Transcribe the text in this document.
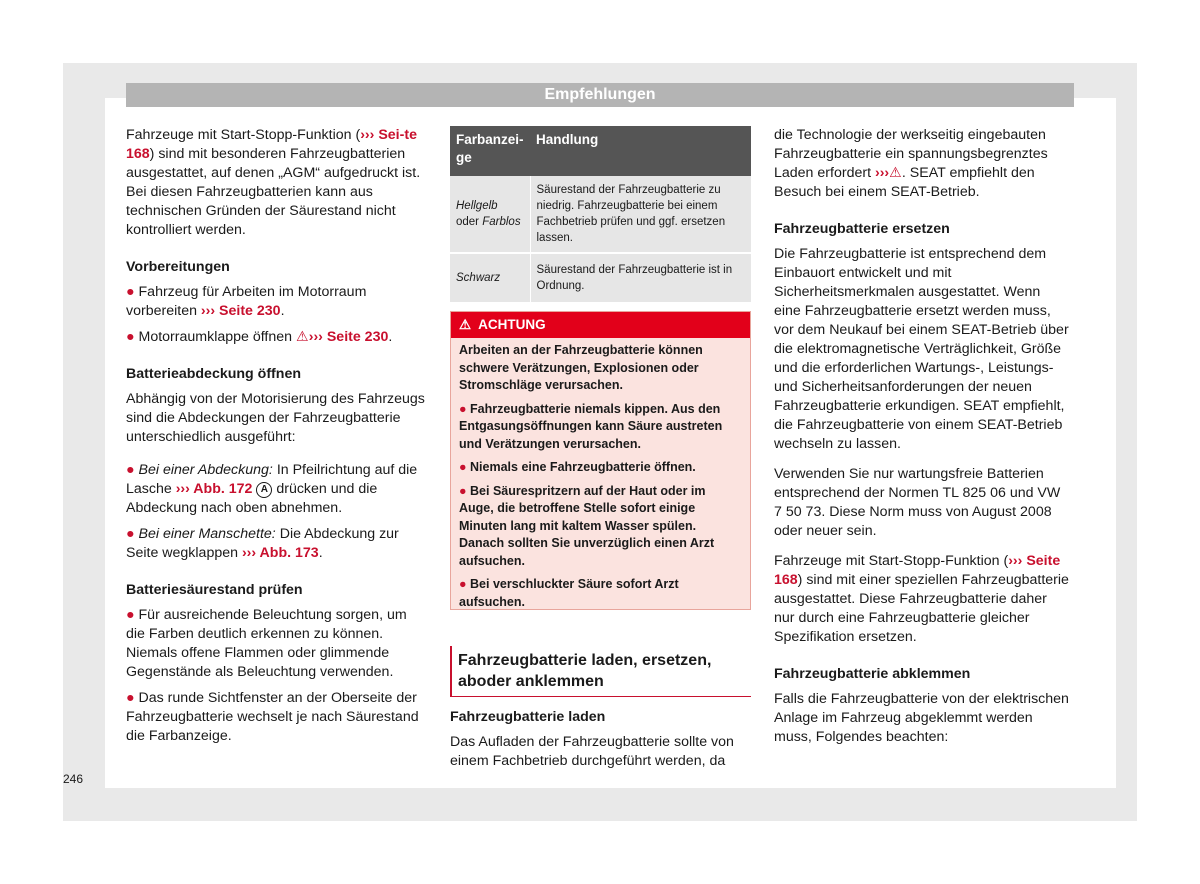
Empfehlungen

Fahrzeuge mit Start-Stopp-Funktion (››› Sei-te 168) sind mit besonderen Fahrzeugbatterien ausgestattet, auf denen „AGM“ aufgedruckt ist. Bei diesen Fahrzeugbatterien kann aus technischen Gründen der Säurestand nicht kontrolliert werden.

Vorbereitungen

● Fahrzeug für Arbeiten im Motorraum vorbereiten ››› Seite 230.

● Motorraumklappe öffnen ⚠››› Seite 230.

Batterieabdeckung öffnen

Abhängig von der Motorisierung des Fahrzeugs sind die Abdeckungen der Fahrzeugbatterie unterschiedlich ausgeführt:

● Bei einer Abdeckung: In Pfeilrichtung auf die Lasche ››› Abb. 172 A drücken und die Abdeckung nach oben abnehmen.

● Bei einer Manschette: Die Abdeckung zur Seite wegklappen ››› Abb. 173.

Batteriesäurestand prüfen

● Für ausreichende Beleuchtung sorgen, um die Farben deutlich erkennen zu können. Niemals offene Flammen oder glimmende Gegenstände als Beleuchtung verwenden.

● Das runde Sichtfenster an der Oberseite der Fahrzeugbatterie wechselt je nach Säurestand die Farbanzeige.

Farbanzei-ge	Handlung
Hellgelb oder Farblos	Säurestand der Fahrzeugbatterie zu niedrig. Fahrzeugbatterie bei einem Fachbetrieb prüfen und ggf. ersetzen lassen.
Schwarz	Säurestand der Fahrzeugbatterie ist in Ordnung.
⚠ ACHTUNG

Arbeiten an der Fahrzeugbatterie können schwere Verätzungen, Explosionen oder Stromschläge verursachen.

● Fahrzeugbatterie niemals kippen. Aus den Entgasungsöffnungen kann Säure austreten und Verätzungen verursachen.

● Niemals eine Fahrzeugbatterie öffnen.

● Bei Säurespritzern auf der Haut oder im Auge, die betroffene Stelle sofort einige Minuten lang mit kaltem Wasser spülen. Danach sollten Sie unverzüglich einen Arzt aufsuchen.

● Bei verschluckter Säure sofort Arzt aufsuchen.

Fahrzeugbatterie laden, ersetzen, abоder anklemmen
Fahrzeugbatterie laden

Das Aufladen der Fahrzeugbatterie sollte von einem Fachbetrieb durchgeführt werden, da

die Technologie der werkseitig eingebauten Fahrzeugbatterie ein spannungsbegrenztes Laden erfordert ›››⚠. SEAT empfiehlt den Besuch bei einem SEAT-Betrieb.

Fahrzeugbatterie ersetzen

Die Fahrzeugbatterie ist entsprechend dem Einbauort entwickelt und mit Sicherheitsmerkmalen ausgestattet. Wenn eine Fahrzeugbatterie ersetzt werden muss, vor dem Neukauf bei einem SEAT-Betrieb über die elektromagnetische Verträglichkeit, Größe und die erforderlichen Wartungs-, Leistungs- und Sicherheitsanforderungen der neuen Fahrzeugbatterie erkundigen. SEAT empfiehlt, die Fahrzeugbatterie von einem SEAT-Betrieb wechseln zu lassen.

Verwenden Sie nur wartungsfreie Batterien entsprechend der Normen TL 825 06 und VW 7 50 73. Diese Norm muss von August 2008 oder neuer sein.

Fahrzeuge mit Start-Stopp-Funktion (››› Seite 168) sind mit einer speziellen Fahrzeugbatterie ausgestattet. Diese Fahrzeugbatterie daher nur durch eine Fahrzeugbatterie gleicher Spezifikation ersetzen.

Fahrzeugbatterie abklemmen

Falls die Fahrzeugbatterie von der elektrischen Anlage im Fahrzeug abgeklemmt werden muss, Folgendes beachten:

246
